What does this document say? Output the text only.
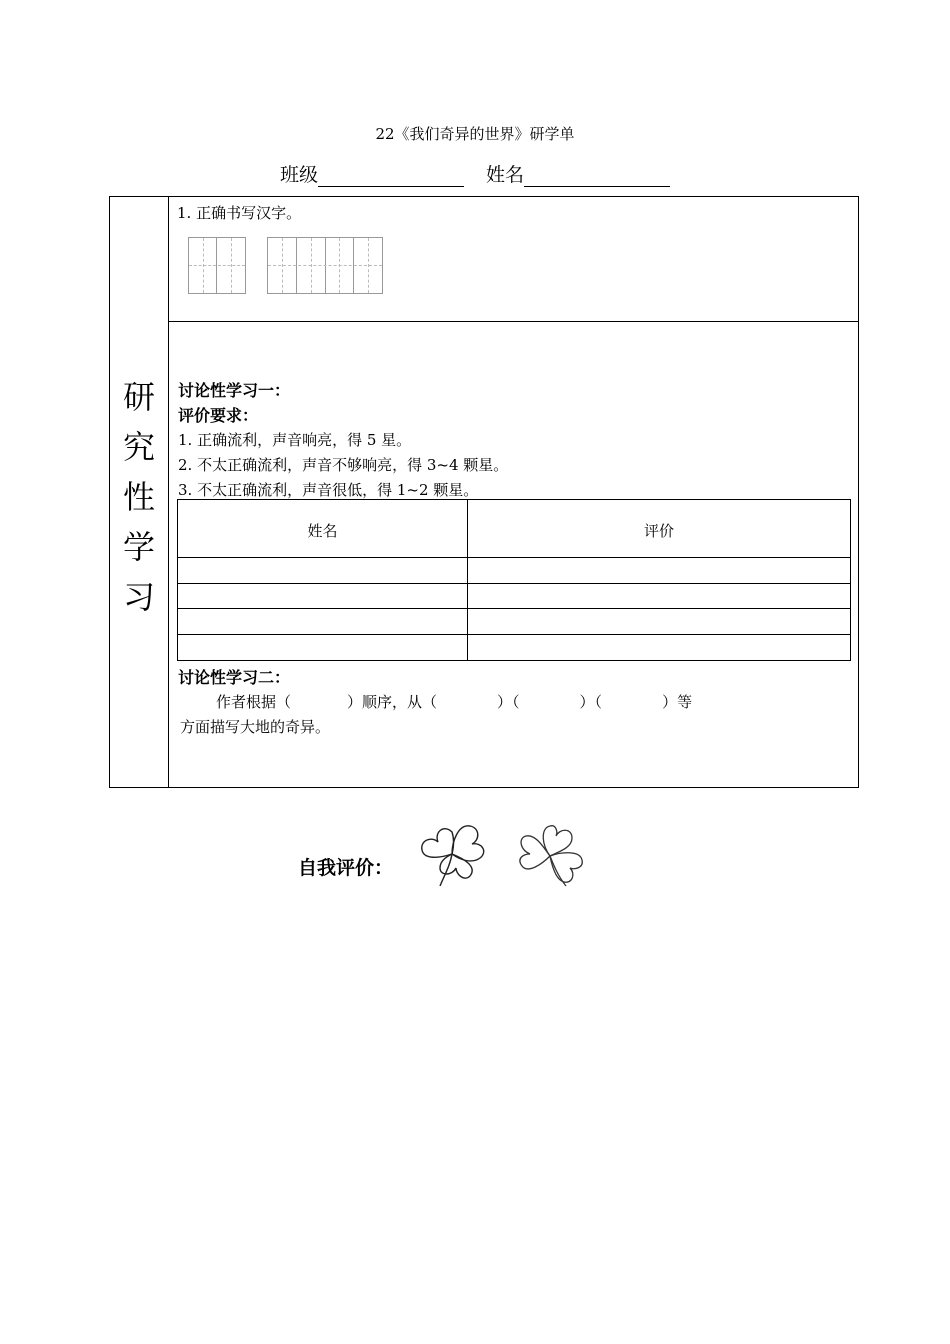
22《我们奇异的世界》研学单
班级	姓名
研
究
性
学
习
1. 正确书写汉字。
讨论性学习一：
评价要求：
1. 正确流利，声音响亮，得 5 星。
2. 不太正确流利，声音不够响亮，得 3~4 颗星。
3. 不太正确流利，声音很低，得 1~2 颗星。
姓名	评价
讨论性学习二：
作者根据（	）顺序，从（	）（	）（	）等
方面描写大地的奇异。
自我评价：
